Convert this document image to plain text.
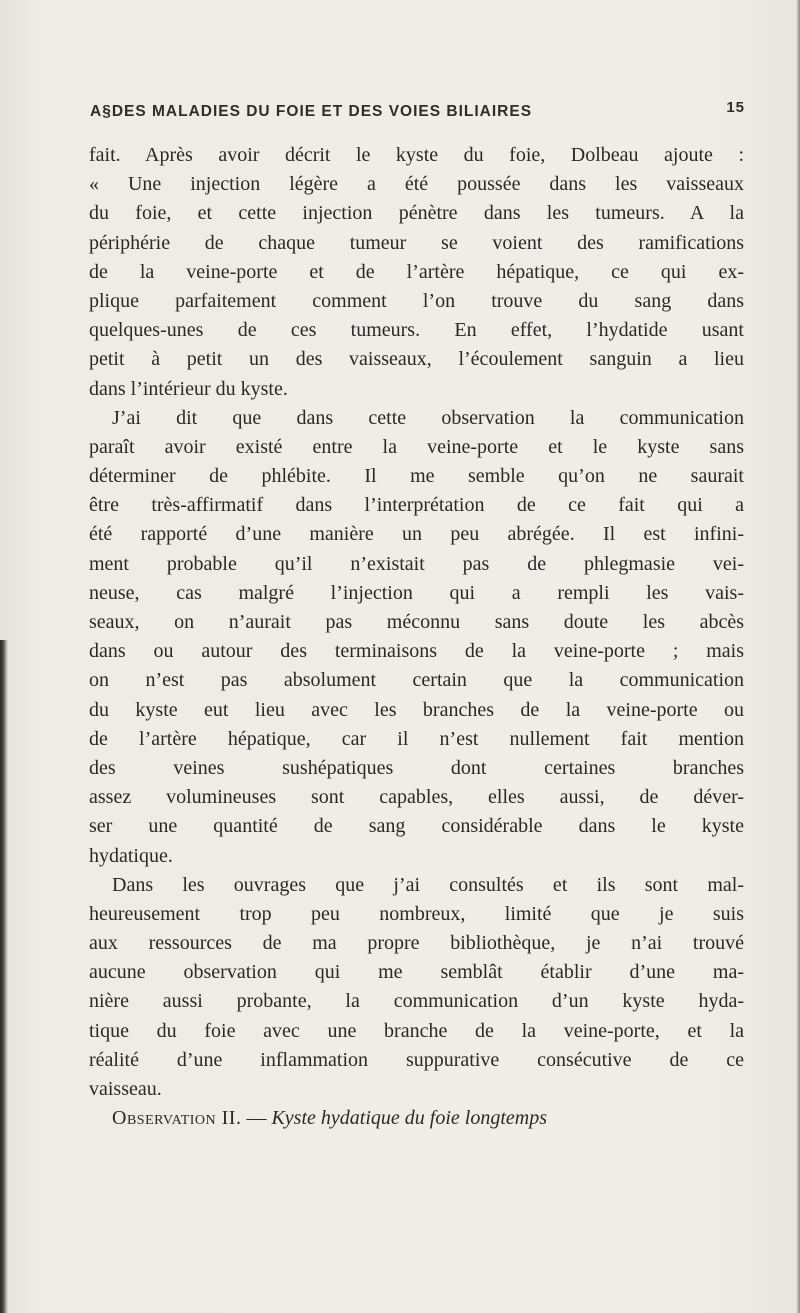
A§DES MALADIES DU FOIE ET DES VOIES BILIAIRES	15
fait. Après avoir décrit le kyste du foie, Dolbeau ajoute :
« Une injection légère a été poussée dans les vaisseaux
du foie, et cette injection pénètre dans les tumeurs. A la
périphérie de chaque tumeur se voient des ramifications
de la veine-porte et de l’artère hépatique, ce qui ex-
plique parfaitement comment l’on trouve du sang dans
quelques-unes de ces tumeurs. En effet, l’hydatide usant
petit à petit un des vaisseaux, l’écoulement sanguin a lieu
dans l’intérieur du kyste.
J’ai dit que dans cette observation la communication
paraît avoir existé entre la veine-porte et le kyste sans
déterminer de phlébite. Il me semble qu’on ne saurait
être très-affirmatif dans l’interprétation de ce fait qui a
été rapporté d’une manière un peu abrégée. Il est infini-
ment probable qu’il n’existait pas de phlegmasie vei-
neuse, cas malgré l’injection qui a rempli les vais-
seaux, on n’aurait pas méconnu sans doute les abcès
dans ou autour des terminaisons de la veine-porte ; mais
on n’est pas absolument certain que la communication
du kyste eut lieu avec les branches de la veine-porte ou
de l’artère hépatique, car il n’est nullement fait mention
des veines sushépatiques dont certaines branches
assez volumineuses sont capables, elles aussi, de déver-
ser une quantité de sang considérable dans le kyste
hydatique.
Dans les ouvrages que j’ai consultés et ils sont mal-
heureusement trop peu nombreux, limité que je suis
aux ressources de ma propre bibliothèque, je n’ai trouvé
aucune observation qui me semblât établir d’une ma-
nière aussi probante, la communication d’un kyste hyda-
tique du foie avec une branche de la veine-porte, et la
réalité d’une inflammation suppurative consécutive de ce
vaisseau.
Observation II. — Kyste hydatique du foie longtemps
